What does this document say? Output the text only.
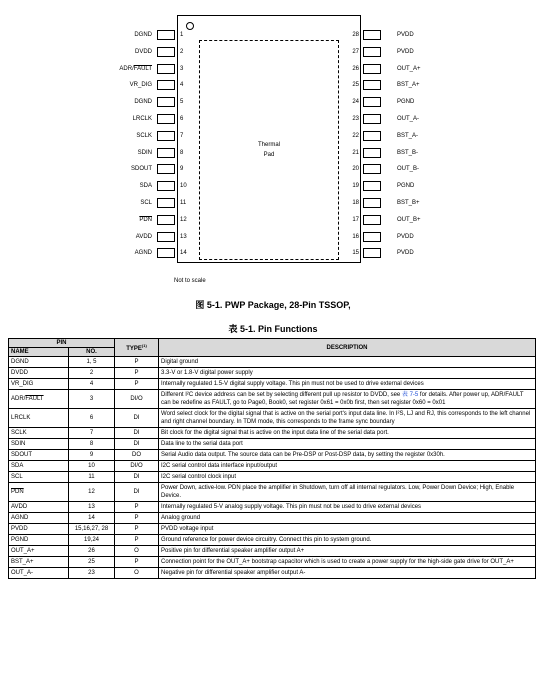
Thermal
Pad
DGND	1
DVDD	2
ADR/FAULT	3
VR_DIG	4
DGND	5
LRCLK	6
SCLK	7
SDIN	8
SDOUT	9
SDA	10
SCL	11
$\overline{PDN}$	12
AVDD	13
AGND	14
28	PVDD
27	PVDD
26	OUT_A+
25	BST_A+
24	PGND
23	OUT_A-
22	BST_A-
21	BST_B-
20	OUT_B-
19	PGND
18	BST_B+
17	OUT_B+
16	PVDD
15	PVDD
Not to scale
图 5-1. PWP Package, 28-Pin TSSOP,
表 5-1. Pin Functions
PIN		TYPE$^{(1)}$	DESCRIPTION
NAME	NO.		
DGND	1, 5	P	Digital ground
DVDD	2	P	3.3-V or 1.8-V digital power supply
VR_DIG	4	P	Internally regulated 1.5-V digital supply voltage. This pin must not be used to drive external devices
ADR/FAULT	3	DI/O	Different I²C device address can be set by selecting different pull up resistor to DVDD, see 表 7-5 for details. After power up, ADR/FAULT can be redefine as FAULT, go to Page0, Book0, set register 0x61 = 0x0b first, then set register 0x60 = 0x01
LRCLK	6	DI	Word select clock for the digital signal that is active on the serial port's input data line. In I²S, LJ and RJ, this corresponds to the left channel and right channel boundary. In TDM mode, this corresponds to the frame sync boundary
SCLK	7	DI	Bit clock for the digital signal that is active on the input data line of the serial data port.
SDIN	8	DI	Data line to the serial data port
SDOUT	9	DO	Serial Audio data output. The source data can be Pre-DSP or Post-DSP data, by setting the register 0x30h.
SDA	10	DI/O	I2C serial control data interface input/output
SCL	11	DI	I2C serial control clock input
$\overline{PDN}$	12	DI	Power Down, active-low. PDN place the amplifier in Shutdown, turn off all internal regulators. Low, Power Down Device; High, Enable Device.
AVDD	13	P	Internally regulated 5-V analog supply voltage. This pin must not be used to drive external devices
AGND	14	P	Analog ground
PVDD	15,16,27, 28	P	PVDD voltage input
PGND	19,24	P	Ground reference for power device circuitry. Connect this pin to system ground.
OUT_A+	26	O	Positive pin for differential speaker amplifier output A+
BST_A+	25	P	Connection point for the OUT_A+ bootstrap capacitor which is used to create a power supply for the high-side gate drive for OUT_A+
OUT_A-	23	O	Negative pin for differential speaker amplifier output A-
